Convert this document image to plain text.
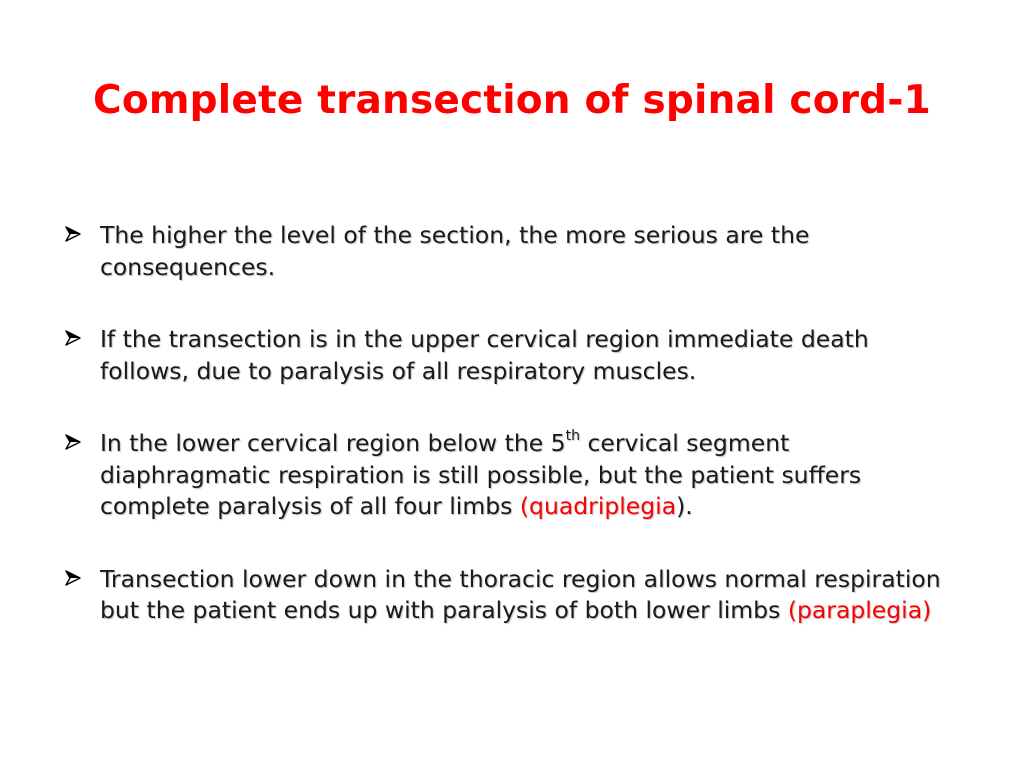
Complete transection of spinal cord-1
The higher the level of the section, the more serious are the consequences.
If the transection is in the upper cervical region immediate death follows, due to paralysis of all respiratory muscles.
In the lower cervical region below the 5th cervical segment diaphragmatic respiration is still possible, but the patient suffers complete paralysis of all four limbs (quadriplegia).
Transection lower down in the thoracic region allows normal respiration but the patient ends up with paralysis of both lower limbs (paraplegia)
